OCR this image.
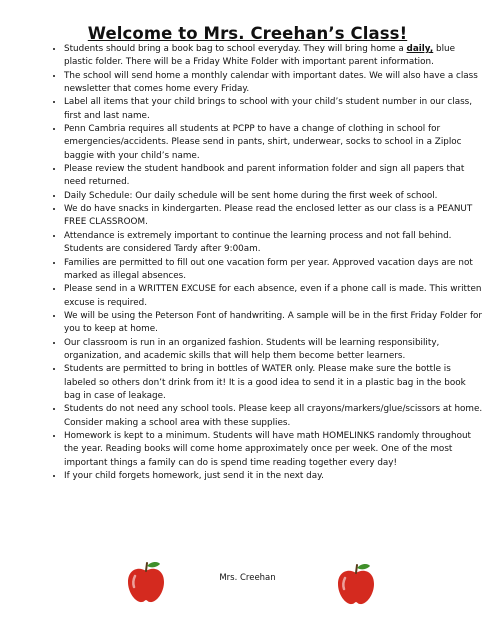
Welcome to Mrs. Creehan’s Class!
• Students should bring a book bag to school everyday. They will bring home a daily, blue plastic folder. There will be a Friday White Folder with important parent information.
• The school will send home a monthly calendar with important dates. We will also have a class newsletter that comes home every Friday.
• Label all items that your child brings to school with your child’s student number in our class, first and last name.
• Penn Cambria requires all students at PCPP to have a change of clothing in school for emergencies/accidents. Please send in pants, shirt, underwear, socks to school in a Ziploc baggie with your child’s name.
• Please review the student handbook and parent information folder and sign all papers that need returned.
• Daily Schedule: Our daily schedule will be sent home during the first week of school.
• We do have snacks in kindergarten. Please read the enclosed letter as our class is a PEANUT FREE CLASSROOM.
• Attendance is extremely important to continue the learning process and not fall behind. Students are considered Tardy after 9:00am.
• Families are permitted to fill out one vacation form per year. Approved vacation days are not marked as illegal absences.
• Please send in a WRITTEN EXCUSE for each absence, even if a phone call is made. This written excuse is required.
• We will be using the Peterson Font of handwriting. A sample will be in the first Friday Folder for you to keep at home.
• Our classroom is run in an organized fashion. Students will be learning responsibility, organization, and academic skills that will help them become better learners.
• Students are permitted to bring in bottles of WATER only. Please make sure the bottle is labeled so others don’t drink from it! It is a good idea to send it in a plastic bag in the book bag in case of leakage.
• Students do not need any school tools. Please keep all crayons/markers/glue/scissors at home. Consider making a school area with these supplies.
• Homework is kept to a minimum. Students will have math HOMELINKS randomly throughout the year. Reading books will come home approximately once per week. One of the most important things a family can do is spend time reading together every day!
• If your child forgets homework, just send it in the next day.
Mrs. Creehan
